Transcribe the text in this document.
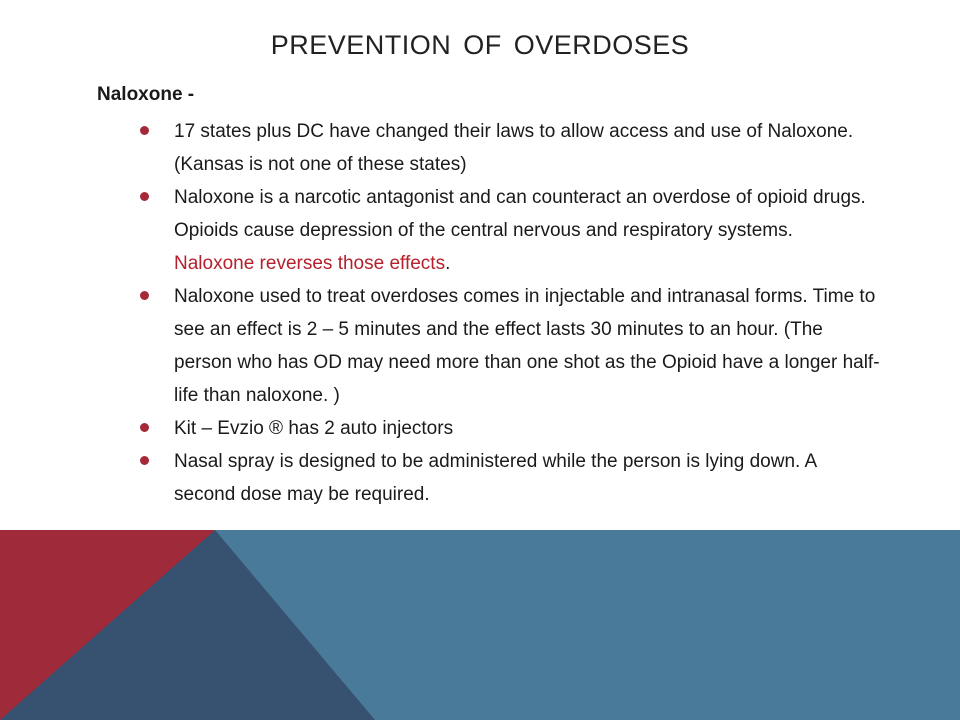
PREVENTION OF OVERDOSES
Naloxone -
17 states plus DC have changed their laws to allow access and use of Naloxone. (Kansas is not one of these states)
Naloxone is a narcotic antagonist and can counteract an overdose of opioid drugs. Opioids cause depression of the central nervous and respiratory systems.Naloxone reverses those effects.
Naloxone used to treat overdoses comes in injectable and intranasal forms. Time to see an effect is 2 – 5 minutes and the effect lasts 30 minutes to an hour. (The person who has OD may need more than one shot as the Opioid have a longer half-life than naloxone. )
Kit – Evzio ® has 2 auto injectors
Nasal spray is designed to be administered while the person is lying down. A second dose may be required.
